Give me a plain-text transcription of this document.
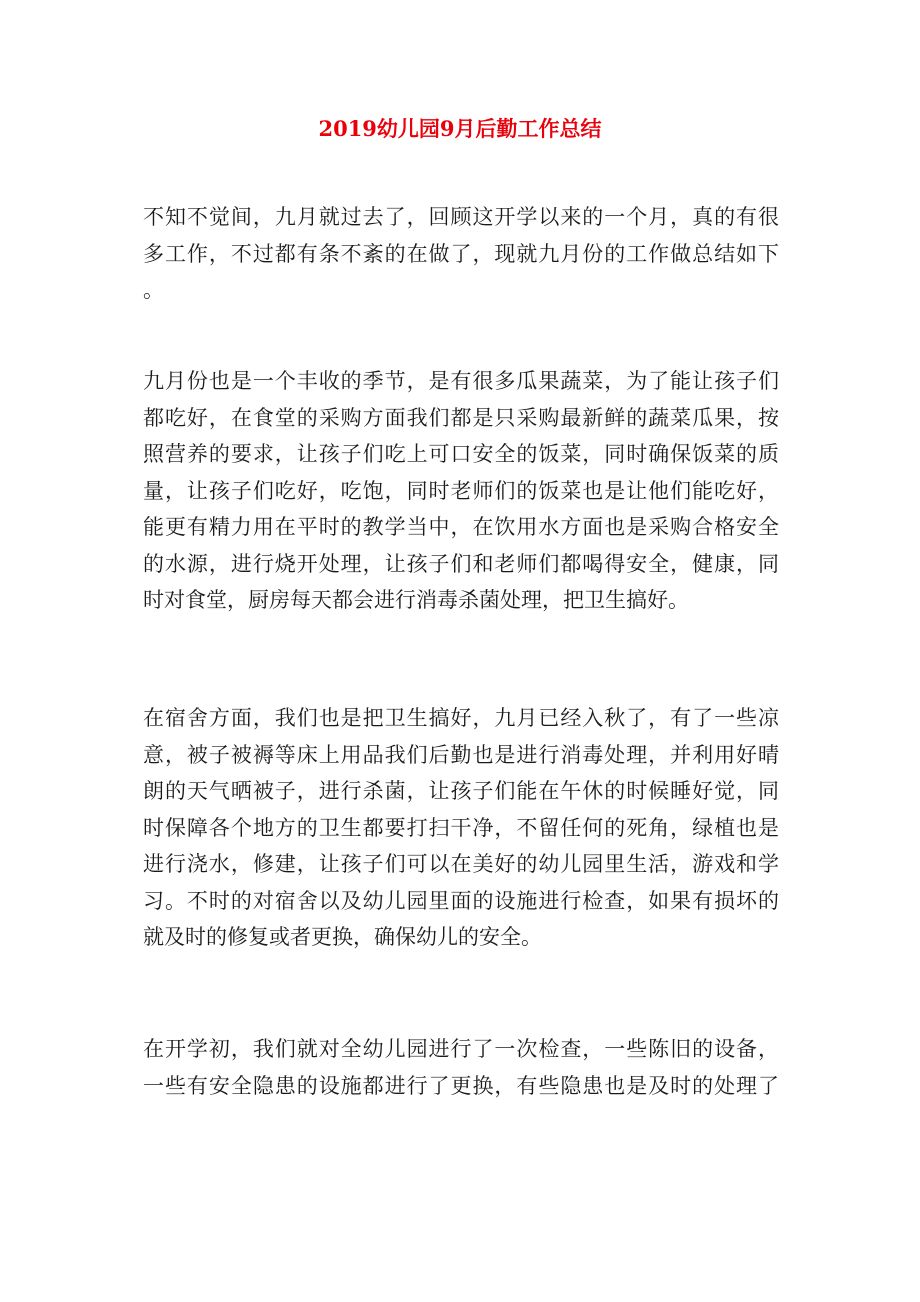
2019幼儿园9月后勤工作总结
不知不觉间，九月就过去了，回顾这开学以来的一个月，真的有很
多工作，不过都有条不紊的在做了，现就九月份的工作做总结如下
。
九月份也是一个丰收的季节，是有很多瓜果蔬菜，为了能让孩子们
都吃好，在食堂的采购方面我们都是只采购最新鲜的蔬菜瓜果，按
照营养的要求，让孩子们吃上可口安全的饭菜，同时确保饭菜的质
量，让孩子们吃好，吃饱，同时老师们的饭菜也是让他们能吃好，
能更有精力用在平时的教学当中，在饮用水方面也是采购合格安全
的水源，进行烧开处理，让孩子们和老师们都喝得安全，健康，同
时对食堂，厨房每天都会进行消毒杀菌处理，把卫生搞好。
在宿舍方面，我们也是把卫生搞好，九月已经入秋了，有了一些凉
意，被子被褥等床上用品我们后勤也是进行消毒处理，并利用好晴
朗的天气晒被子，进行杀菌，让孩子们能在午休的时候睡好觉，同
时保障各个地方的卫生都要打扫干净，不留任何的死角，绿植也是
进行浇水，修建，让孩子们可以在美好的幼儿园里生活，游戏和学
习。不时的对宿舍以及幼儿园里面的设施进行检查，如果有损坏的
就及时的修复或者更换，确保幼儿的安全。
在开学初，我们就对全幼儿园进行了一次检查，一些陈旧的设备，
一些有安全隐患的设施都进行了更换，有些隐患也是及时的处理了
